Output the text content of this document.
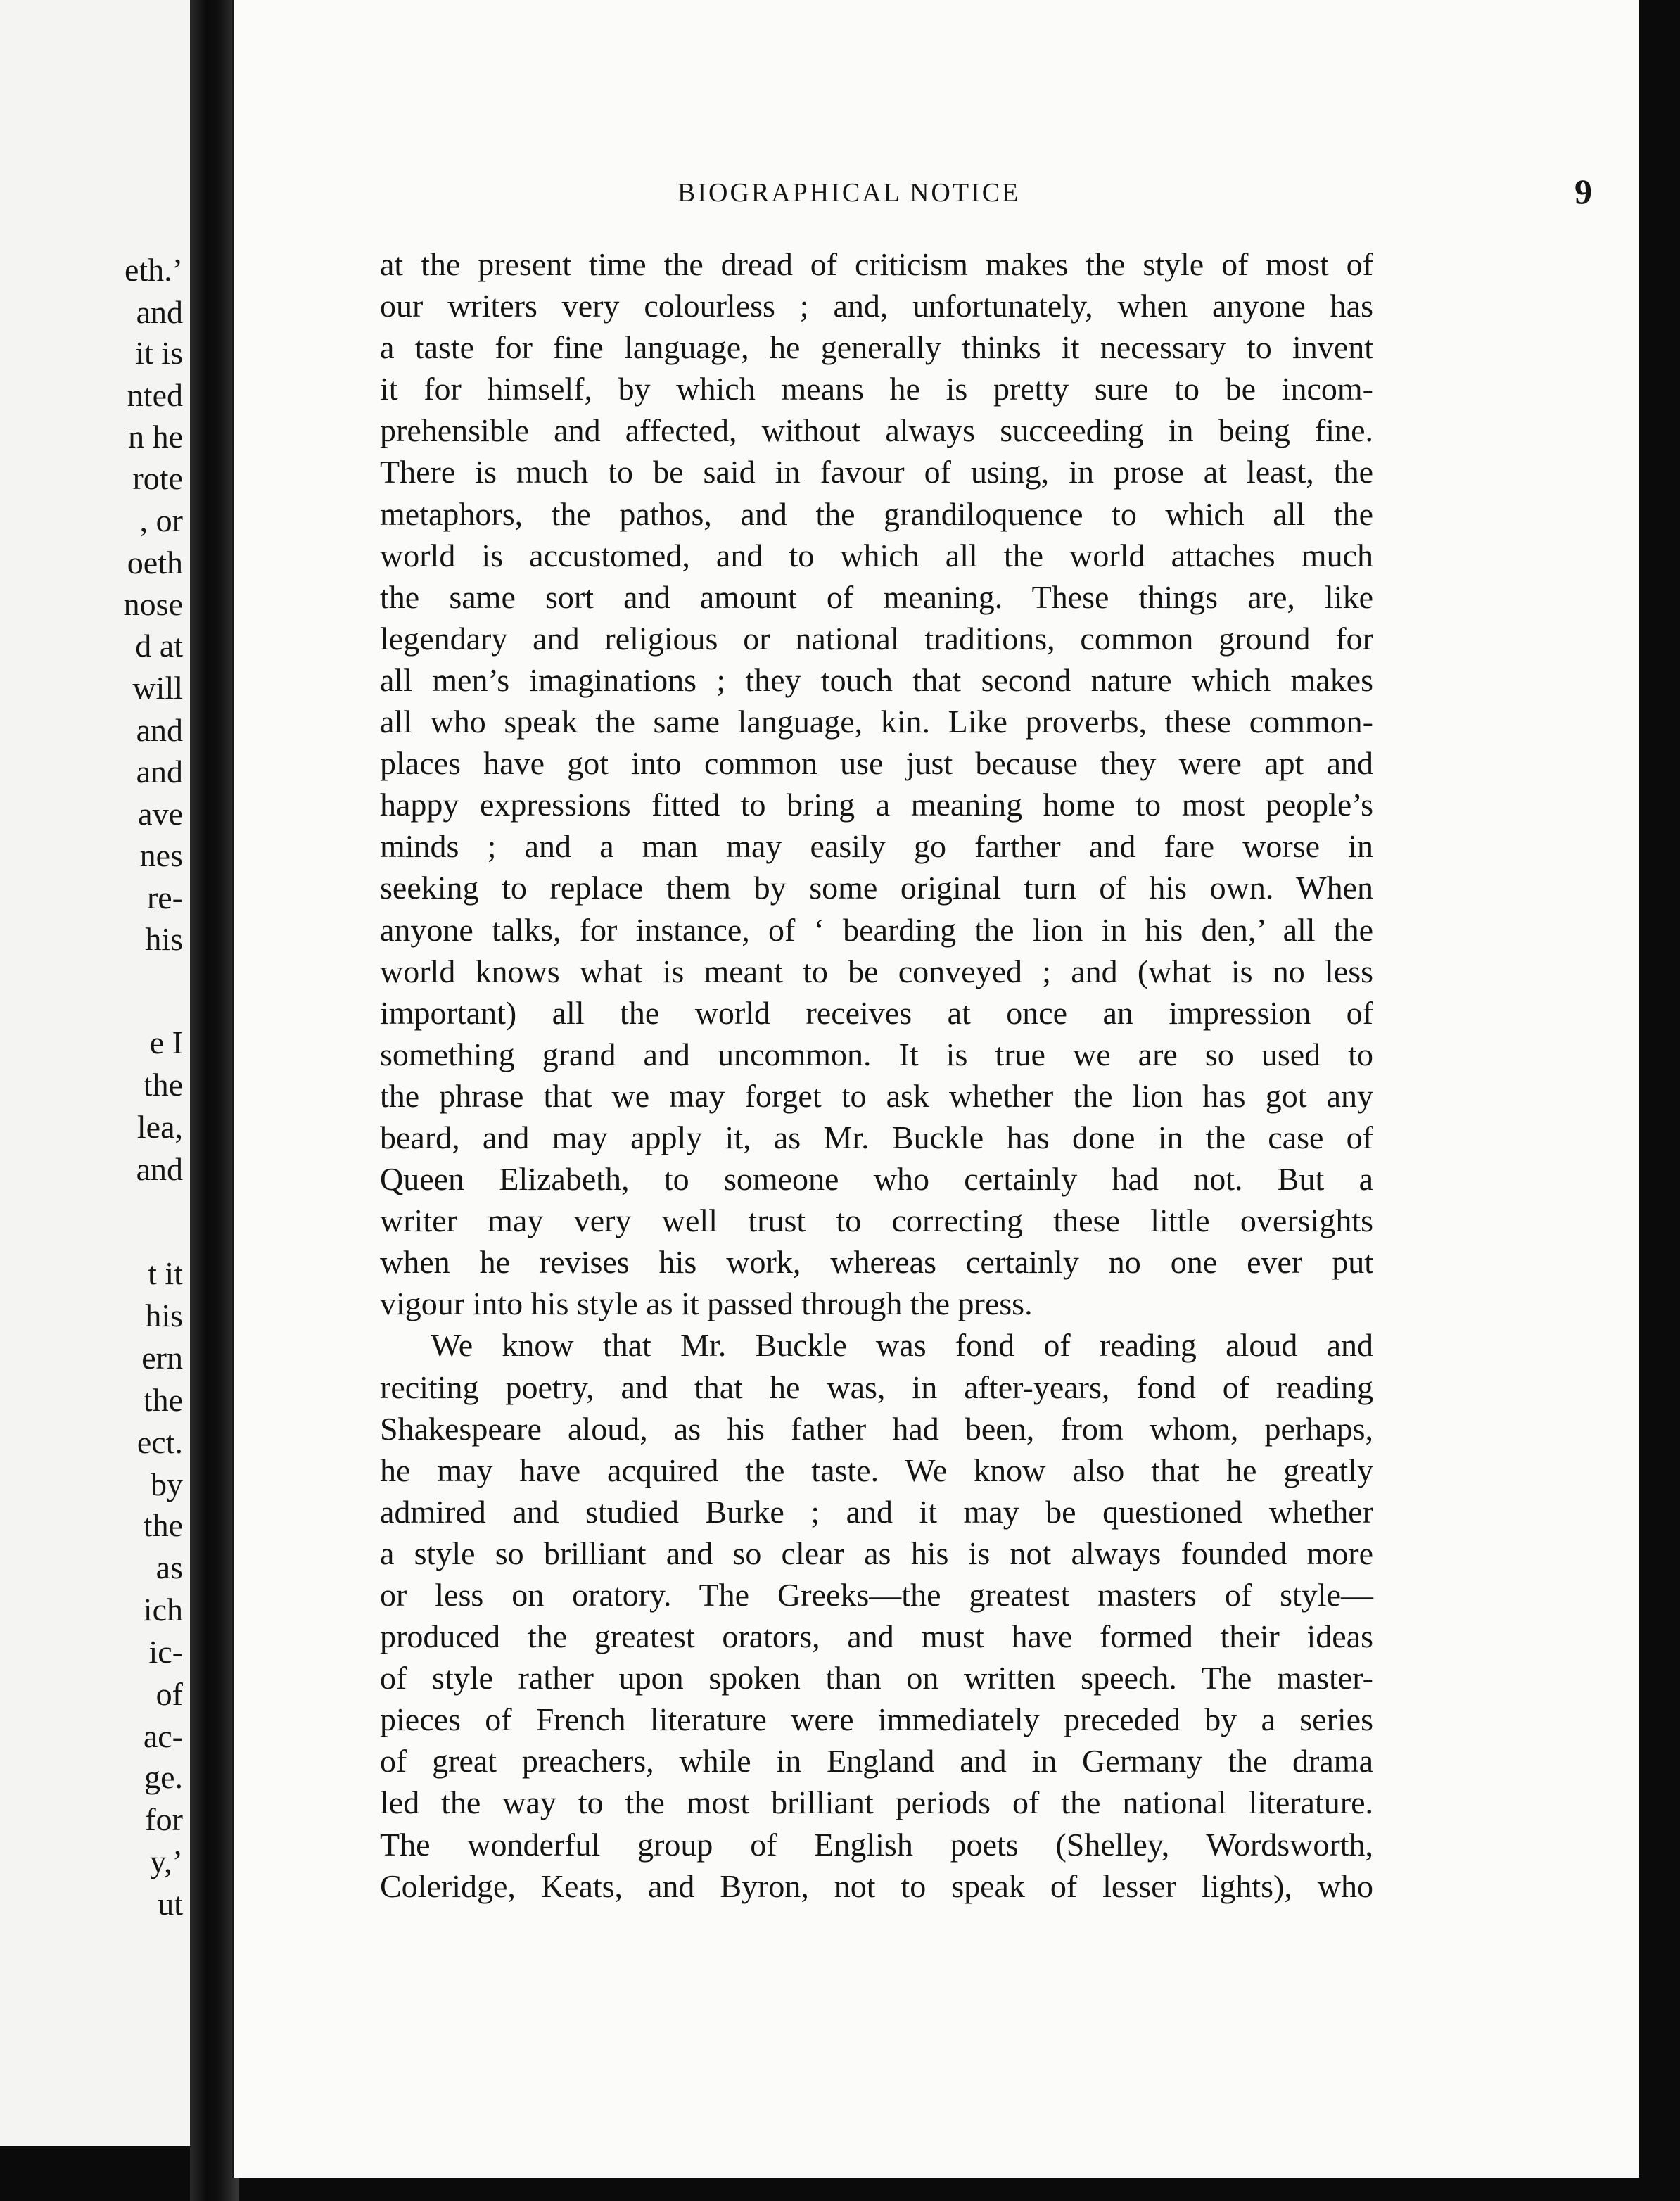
eth.’
and
it is
nted
n he
rote
, or
oeth
nose
d at
will
and
and
ave
nes
re-
his
e I
the
lea,
and
t it
his
ern
the
ect.
by
the
as
ich
ic-
of
ac-
ge.
for
y,’
ut
BIOGRAPHICAL NOTICE	9
at the present time the dread of criticism makes the style of most of
our writers very colourless ; and, unfortunately, when anyone has
a taste for fine language, he generally thinks it necessary to invent
it for himself, by which means he is pretty sure to be incom-
prehensible and affected, without always succeeding in being fine.
There is much to be said in favour of using, in prose at least, the
metaphors, the pathos, and the grandiloquence to which all the
world is accustomed, and to which all the world attaches much
the same sort and amount of meaning. These things are, like
legendary and religious or national traditions, common ground for
all men’s imaginations ; they touch that second nature which makes
all who speak the same language, kin. Like proverbs, these common-
places have got into common use just because they were apt and
happy expressions fitted to bring a meaning home to most people’s
minds ; and a man may easily go farther and fare worse in
seeking to replace them by some original turn of his own. When
anyone talks, for instance, of ‘ bearding the lion in his den,’ all the
world knows what is meant to be conveyed ; and (what is no less
important) all the world receives at once an impression of
something grand and uncommon. It is true we are so used to
the phrase that we may forget to ask whether the lion has got any
beard, and may apply it, as Mr. Buckle has done in the case of
Queen Elizabeth, to someone who certainly had not. But a
writer may very well trust to correcting these little oversights
when he revises his work, whereas certainly no one ever put
vigour into his style as it passed through the press.
We know that Mr. Buckle was fond of reading aloud and
reciting poetry, and that he was, in after-years, fond of reading
Shakespeare aloud, as his father had been, from whom, perhaps,
he may have acquired the taste. We know also that he greatly
admired and studied Burke ; and it may be questioned whether
a style so brilliant and so clear as his is not always founded more
or less on oratory. The Greeks—the greatest masters of style—
produced the greatest orators, and must have formed their ideas
of style rather upon spoken than on written speech. The master-
pieces of French literature were immediately preceded by a series
of great preachers, while in England and in Germany the drama
led the way to the most brilliant periods of the national literature.
The wonderful group of English poets (Shelley, Wordsworth,
Coleridge, Keats, and Byron, not to speak of lesser lights), who
